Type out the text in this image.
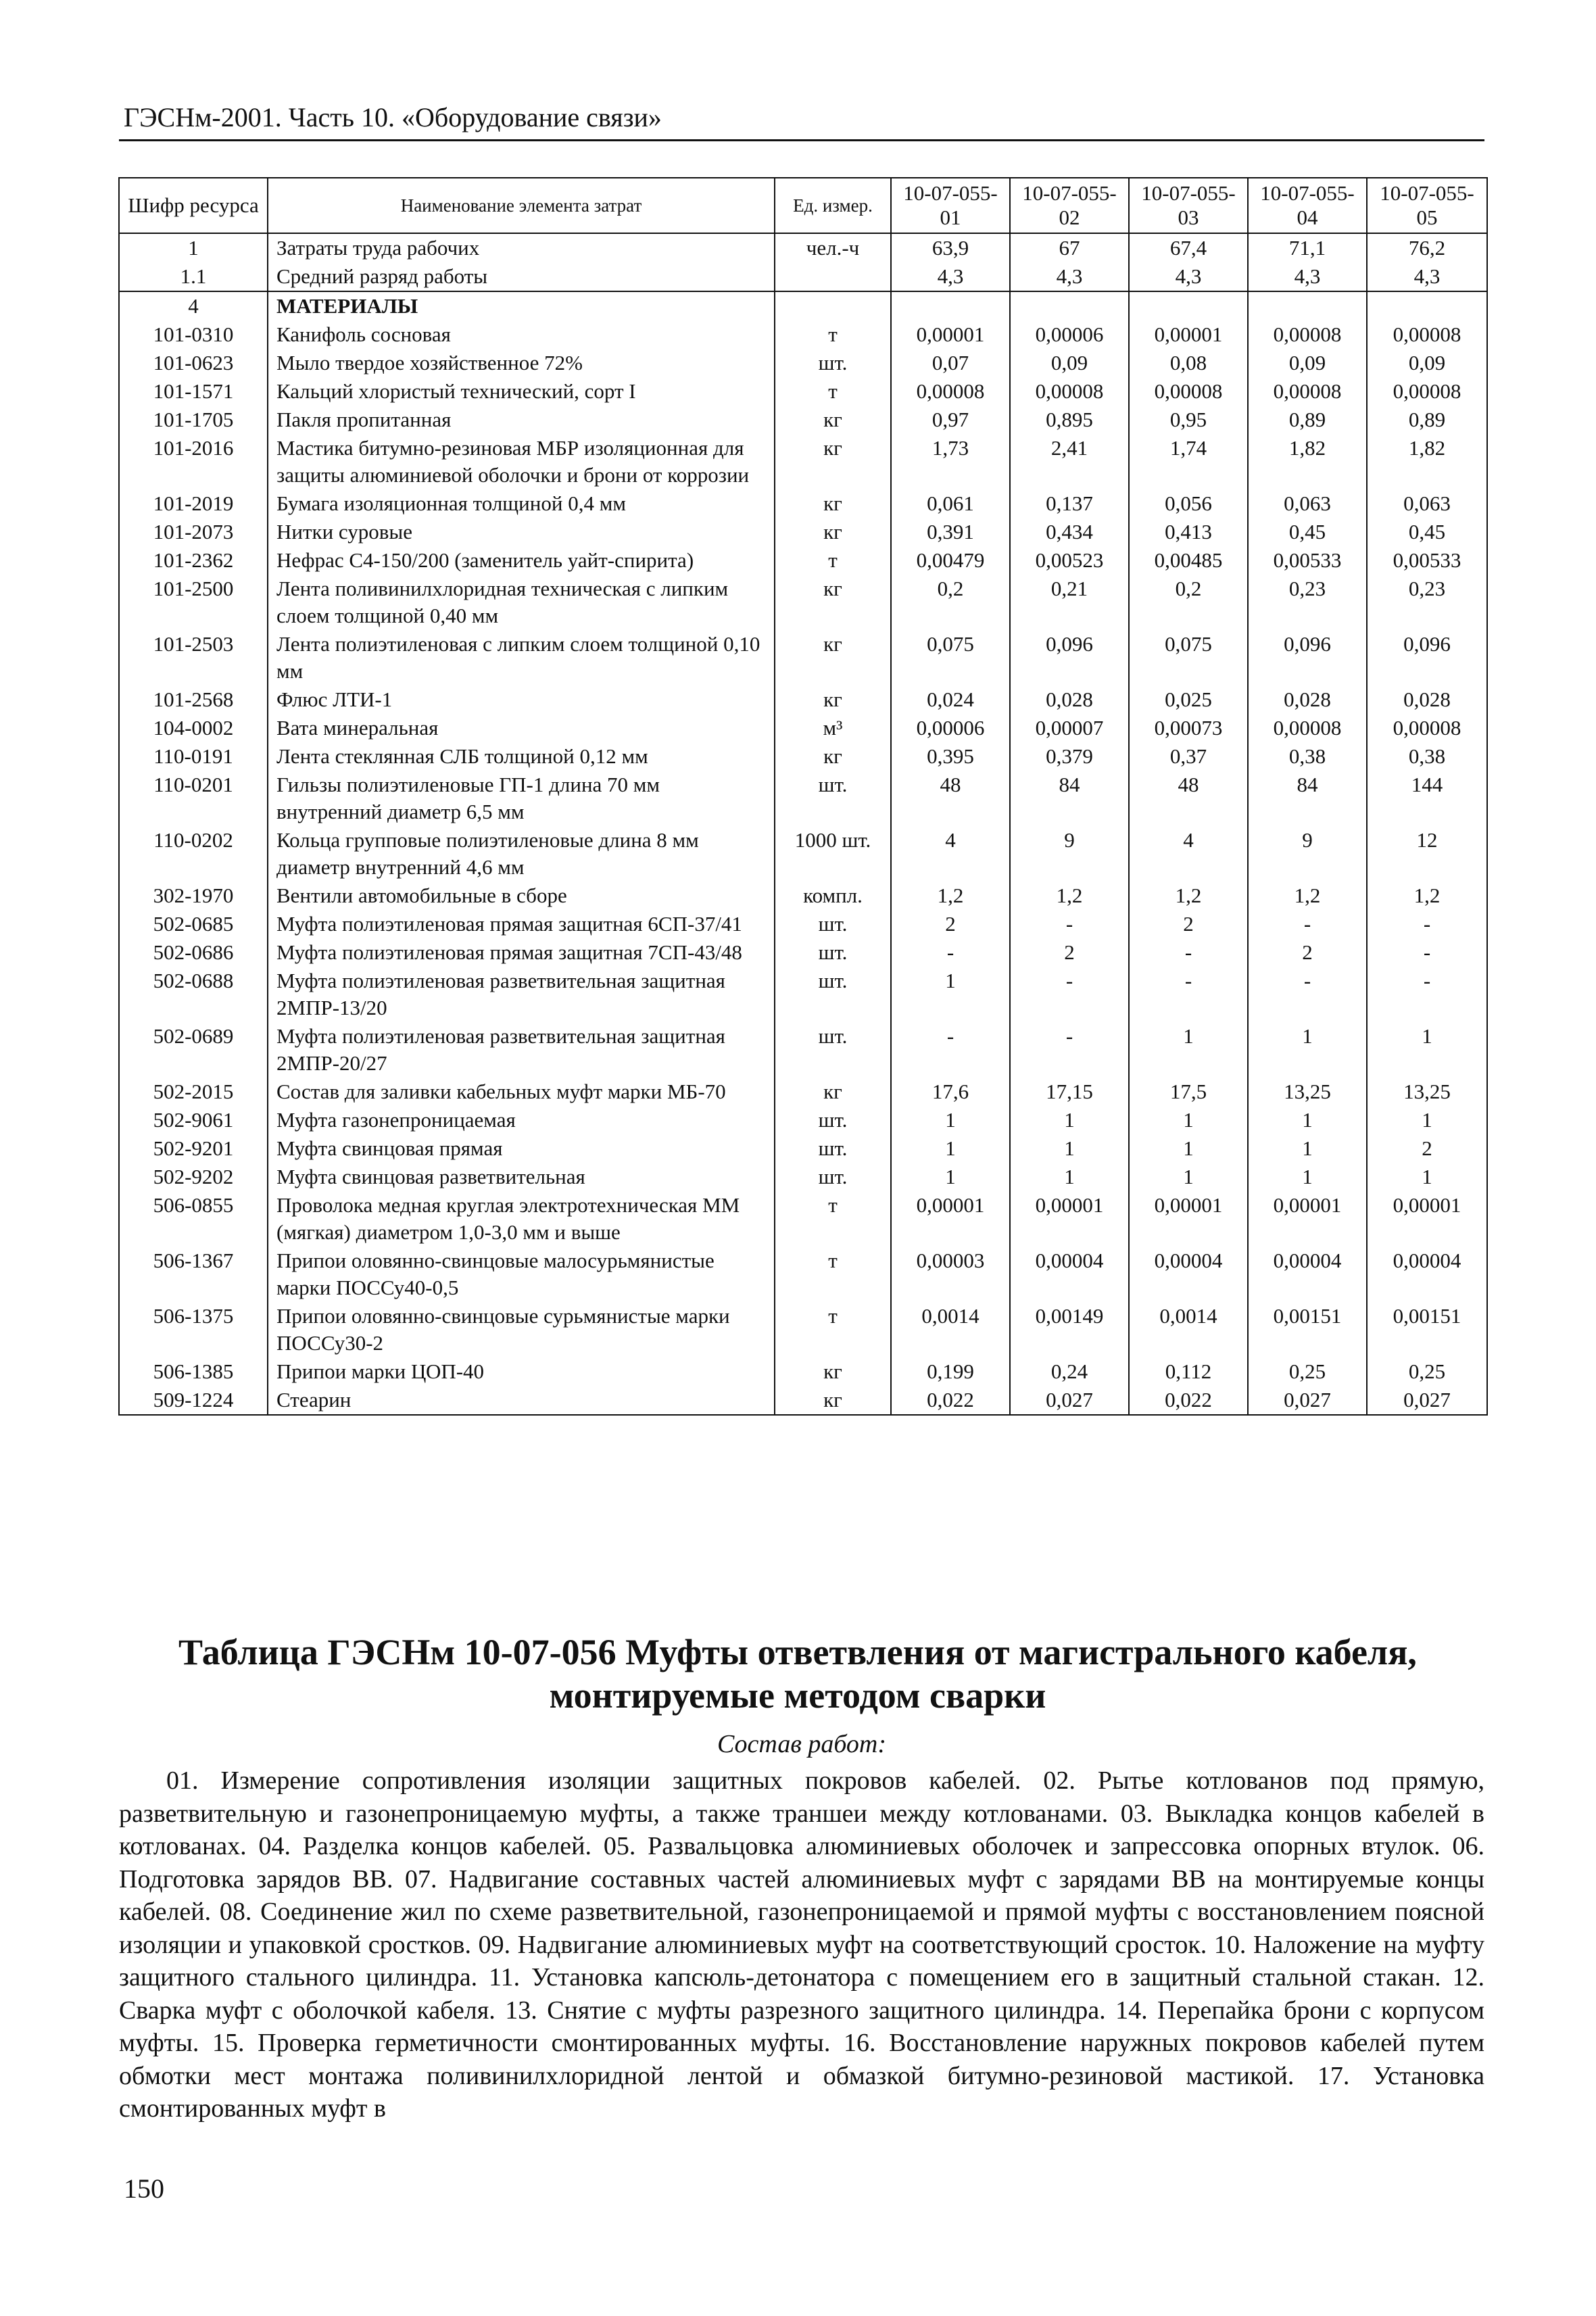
ГЭСНм-2001. Часть 10. «Оборудование связи»
Шифр ресурса	Наименование элемента затрат	Ед. измер.	10-07-055-01	10-07-055-02	10-07-055-03	10-07-055-04	10-07-055-05
1	Затраты труда рабочих	чел.-ч	63,9	67	67,4	71,1	76,2
1.1	Средний разряд работы		4,3	4,3	4,3	4,3	4,3
4	МАТЕРИАЛЫ						
101-0310	Канифоль сосновая	т	0,00001	0,00006	0,00001	0,00008	0,00008
101-0623	Мыло твердое хозяйственное 72%	шт.	0,07	0,09	0,08	0,09	0,09
101-1571	Кальций хлористый технический, сорт I	т	0,00008	0,00008	0,00008	0,00008	0,00008
101-1705	Пакля пропитанная	кг	0,97	0,895	0,95	0,89	0,89
101-2016	Мастика битумно-резиновая МБР изоляционная для защиты алюминиевой оболочки и брони от коррозии	кг	1,73	2,41	1,74	1,82	1,82
101-2019	Бумага изоляционная толщиной 0,4 мм	кг	0,061	0,137	0,056	0,063	0,063
101-2073	Нитки суровые	кг	0,391	0,434	0,413	0,45	0,45
101-2362	Нефрас С4-150/200 (заменитель уайт-спирита)	т	0,00479	0,00523	0,00485	0,00533	0,00533
101-2500	Лента поливинилхлоридная техническая с липким слоем толщиной 0,40 мм	кг	0,2	0,21	0,2	0,23	0,23
101-2503	Лента полиэтиленовая с липким слоем толщиной 0,10 мм	кг	0,075	0,096	0,075	0,096	0,096
101-2568	Флюс ЛТИ-1	кг	0,024	0,028	0,025	0,028	0,028
104-0002	Вата минеральная	м³	0,00006	0,00007	0,00073	0,00008	0,00008
110-0191	Лента стеклянная СЛБ толщиной 0,12 мм	кг	0,395	0,379	0,37	0,38	0,38
110-0201	Гильзы полиэтиленовые ГП-1 длина 70 мм внутренний диаметр 6,5 мм	шт.	48	84	48	84	144
110-0202	Кольца групповые полиэтиленовые длина 8 мм диаметр внутренний 4,6 мм	1000 шт.	4	9	4	9	12
302-1970	Вентили автомобильные в сборе	компл.	1,2	1,2	1,2	1,2	1,2
502-0685	Муфта полиэтиленовая прямая защитная 6СП-37/41	шт.	2	-	2	-	-
502-0686	Муфта полиэтиленовая прямая защитная 7СП-43/48	шт.	-	2	-	2	-
502-0688	Муфта полиэтиленовая разветвительная защитная 2МПР-13/20	шт.	1	-	-	-	-
502-0689	Муфта полиэтиленовая разветвительная защитная 2МПР-20/27	шт.	-	-	1	1	1
502-2015	Состав для заливки кабельных муфт марки МБ-70	кг	17,6	17,15	17,5	13,25	13,25
502-9061	Муфта газонепроницаемая	шт.	1	1	1	1	1
502-9201	Муфта свинцовая прямая	шт.	1	1	1	1	2
502-9202	Муфта свинцовая разветвительная	шт.	1	1	1	1	1
506-0855	Проволока медная круглая электротехническая ММ (мягкая) диаметром 1,0-3,0 мм и выше	т	0,00001	0,00001	0,00001	0,00001	0,00001
506-1367	Припои оловянно-свинцовые малосурьмянистые марки ПОССу40-0,5	т	0,00003	0,00004	0,00004	0,00004	0,00004
506-1375	Припои оловянно-свинцовые сурьмянистые марки ПОССу30-2	т	0,0014	0,00149	0,0014	0,00151	0,00151
506-1385	Припои марки ЦОП-40	кг	0,199	0,24	0,112	0,25	0,25
509-1224	Стеарин	кг	0,022	0,027	0,022	0,027	0,027
Таблица ГЭСНм 10-07-056 Муфты ответвления от магистрального кабеля, монтируемые методом сварки
Состав работ:

01. Измерение сопротивления изоляции защитных покровов кабелей. 02. Рытье котлованов под прямую, разветвительную и газонепроницаемую муфты, а также траншеи между котлованами. 03. Выкладка концов кабелей в котлованах. 04. Разделка концов кабелей. 05. Развальцовка алюминиевых оболочек и запрессовка опорных втулок. 06. Подготовка зарядов ВВ. 07. Надвигание составных частей алюминиевых муфт с зарядами ВВ на монтируемые концы кабелей. 08. Соединение жил по схеме разветвительной, газонепроницаемой и прямой муфты с восстановлением поясной изоляции и упаковкой сростков. 09. Надвигание алюминиевых муфт на соответствующий сросток. 10. Наложение на муфту защитного стального цилиндра. 11. Установка капсюль-детонатора с помещением его в защитный стальной стакан. 12. Сварка муфт с оболочкой кабеля. 13. Снятие с муфты разрезного защитного цилиндра. 14. Перепайка брони с корпусом муфты. 15. Проверка герметичности смонтированных муфты. 16. Восстановление наружных покровов кабелей путем обмотки мест монтажа поливинилхлоридной лентой и обмазкой битумно-резиновой мастикой. 17. Установка смонтированных муфт в

150
